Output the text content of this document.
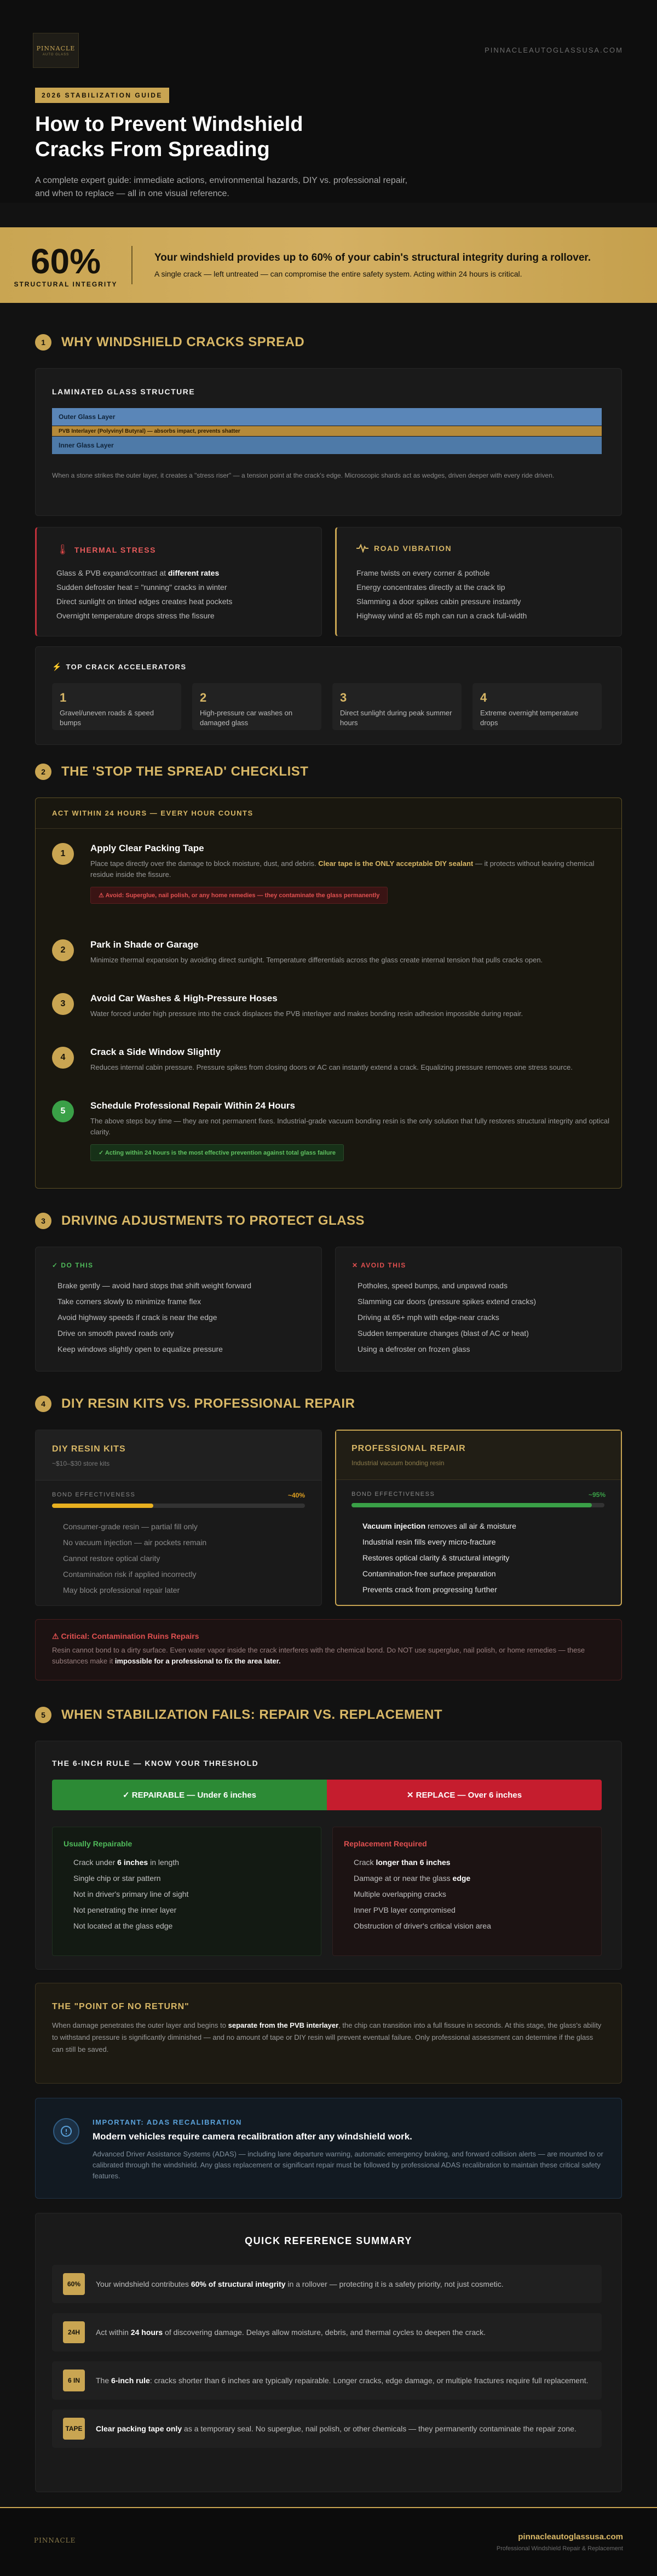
PINNACLE
AUTO GLASS
PINNACLEAUTOGLASSUSA.COM
2026 STABILIZATION GUIDE
How to Prevent Windshield Cracks From Spreading

A complete expert guide: immediate actions, environmental hazards, DIY vs. professional repair, and when to replace — all in one visual reference.

60%
STRUCTURAL INTEGRITY
Your windshield provides up to 60% of your cabin's structural integrity during a rollover.
A single crack — left untreated — can compromise the entire safety system. Acting within 24 hours is critical.
1	WHY WINDSHIELD CRACKS SPREAD
LAMINATED GLASS STRUCTURE
Outer Glass Layer
PVB Interlayer (Polyvinyl Butyral) — absorbs impact, prevents shatter
Inner Glass Layer
When a stone strikes the outer layer, it creates a "stress riser" — a tension point at the crack's edge. Microscopic shards act as wedges, driven deeper with every ride driven.
🌡 THERMAL STRESS
Glass & PVB expand/contract at different rates
Sudden defroster heat = "running" cracks in winter
Direct sunlight on tinted edges creates heat pockets
Overnight temperature drops stress the fissure
ROAD VIBRATION
Frame twists on every corner & pothole
Energy concentrates directly at the crack tip
Slamming a door spikes cabin pressure instantly
Highway wind at 65 mph can run a crack full-width
⚡ TOP CRACK ACCELERATORS
1
Gravel/uneven roads & speed bumps
2
High-pressure car washes on damaged glass
3
Direct sunlight during peak summer hours
4
Extreme overnight temperature drops
2	THE 'STOP THE SPREAD' CHECKLIST
ACT WITHIN 24 HOURS — EVERY HOUR COUNTS
1
Apply Clear Packing Tape
Place tape directly over the damage to block moisture, dust, and debris. Clear tape is the ONLY acceptable DIY sealant — it protects without leaving chemical residue inside the fissure.
⚠ Avoid: Superglue, nail polish, or any home remedies — they contaminate the glass permanently
2
Park in Shade or Garage
Minimize thermal expansion by avoiding direct sunlight. Temperature differentials across the glass create internal tension that pulls cracks open.
3
Avoid Car Washes & High-Pressure Hoses
Water forced under high pressure into the crack displaces the PVB interlayer and makes bonding resin adhesion impossible during repair.
4
Crack a Side Window Slightly
Reduces internal cabin pressure. Pressure spikes from closing doors or AC can instantly extend a crack. Equalizing pressure removes one stress source.
5
Schedule Professional Repair Within 24 Hours
The above steps buy time — they are not permanent fixes. Industrial-grade vacuum bonding resin is the only solution that fully restores structural integrity and optical clarity.
✓ Acting within 24 hours is the most effective prevention against total glass failure
3	DRIVING ADJUSTMENTS TO PROTECT GLASS
✓ DO THIS
Brake gently — avoid hard stops that shift weight forward
Take corners slowly to minimize frame flex
Avoid highway speeds if crack is near the edge
Drive on smooth paved roads only
Keep windows slightly open to equalize pressure
✕ AVOID THIS
Potholes, speed bumps, and unpaved roads
Slamming car doors (pressure spikes extend cracks)
Driving at 65+ mph with edge-near cracks
Sudden temperature changes (blast of AC or heat)
Using a defroster on frozen glass
4	DIY RESIN KITS VS. PROFESSIONAL REPAIR
DIY RESIN KITS
~$10–$30 store kits
BOND EFFECTIVENESS	~40%
Consumer-grade resin — partial fill only
No vacuum injection — air pockets remain
Cannot restore optical clarity
Contamination risk if applied incorrectly
May block professional repair later
PROFESSIONAL REPAIR
Industrial vacuum bonding resin
BOND EFFECTIVENESS	~95%
Vacuum injection removes all air & moisture
Industrial resin fills every micro-fracture
Restores optical clarity & structural integrity
Contamination-free surface preparation
Prevents crack from progressing further
⚠ Critical: Contamination Ruins Repairs
Resin cannot bond to a dirty surface. Even water vapor inside the crack interferes with the chemical bond. Do NOT use superglue, nail polish, or home remedies — these substances make it impossible for a professional to fix the area later.
5	WHEN STABILIZATION FAILS: REPAIR VS. REPLACEMENT
THE 6-INCH RULE — KNOW YOUR THRESHOLD
✓ REPAIRABLE — Under 6 inches	✕ REPLACE — Over 6 inches
Usually Repairable
Crack under 6 inches in length
Single chip or star pattern
Not in driver's primary line of sight
Not penetrating the inner layer
Not located at the glass edge
Replacement Required
Crack longer than 6 inches
Damage at or near the glass edge
Multiple overlapping cracks
Inner PVB layer compromised
Obstruction of driver's critical vision area
THE "POINT OF NO RETURN"
When damage penetrates the outer layer and begins to separate from the PVB interlayer, the chip can transition into a full fissure in seconds. At this stage, the glass's ability to withstand pressure is significantly diminished — and no amount of tape or DIY resin will prevent eventual failure. Only professional assessment can determine if the glass can still be saved.
IMPORTANT: ADAS RECALIBRATION
Modern vehicles require camera recalibration after any windshield work.
Advanced Driver Assistance Systems (ADAS) — including lane departure warning, automatic emergency braking, and forward collision alerts — are mounted to or calibrated through the windshield. Any glass replacement or significant repair must be followed by professional ADAS recalibration to maintain these critical safety features.
QUICK REFERENCE SUMMARY
60%	Your windshield contributes 60% of structural integrity in a rollover — protecting it is a safety priority, not just cosmetic.
24H	Act within 24 hours of discovering damage. Delays allow moisture, debris, and thermal cycles to deepen the crack.
6 IN	The 6-inch rule: cracks shorter than 6 inches are typically repairable. Longer cracks, edge damage, or multiple fractures require full replacement.
TAPE	Clear packing tape only as a temporary seal. No superglue, nail polish, or other chemicals — they permanently contaminate the repair zone.
PINNACLE	pinnacleautoglassusa.com
Professional Windshield Repair & Replacement
